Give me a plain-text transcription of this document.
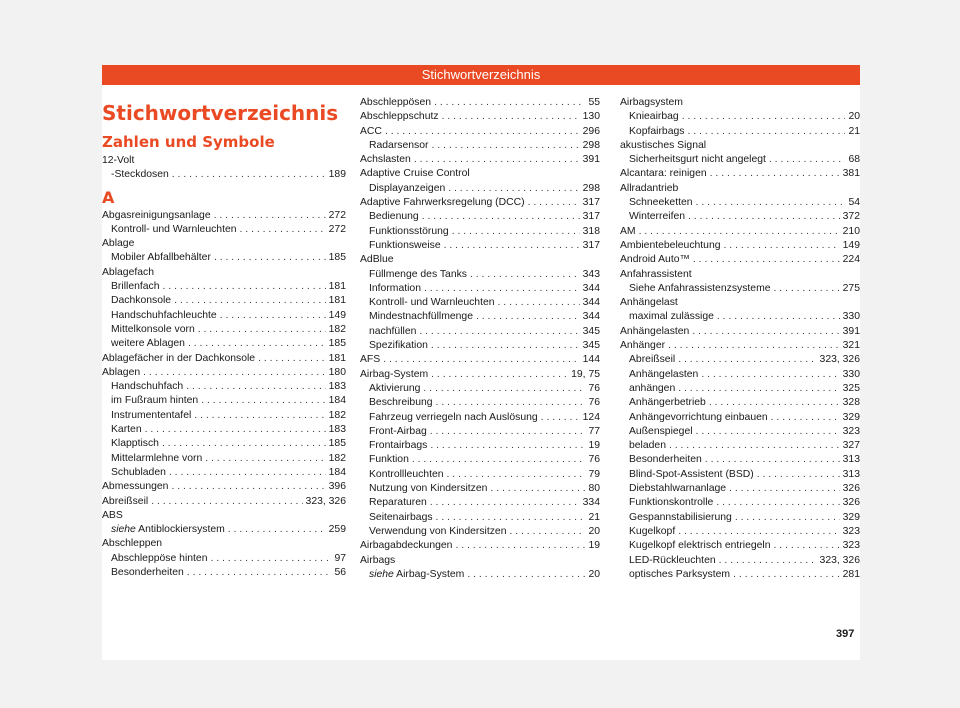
Stichwortverzeichnis
Stichwortverzeichnis
Zahlen und Symbole
12-Volt
-Steckdosen . . .	189
A
Abgasreinigungsanlage . . .	272
Kontroll- und Warnleuchten . . .	272
Ablage
Mobiler Abfallbehälter . . .	185
Ablagefach
Brillenfach . . .	181
Dachkonsole . . .	181
Handschuhfachleuchte . . .	149
Mittelkonsole vorn . . .	182
weitere Ablagen . . .	185
Ablagefächer in der Dachkonsole . . .	181
Ablagen . . .	180
Handschuhfach . . .	183
im Fußraum hinten . . .	184
Instrumententafel . . .	182
Karten . . .	183
Klapptisch . . .	185
Mittelarmlehne vorn . . .	182
Schubladen . . .	184
Abmessungen . . .	396
Abreißseil . . .	323, 326
ABS
siehe Antiblockiersystem . . .	259
Abschleppen
Abschleppöse hinten . . .	97
Besonderheiten . . .	56
Abschleppösen . . .	55
Abschleppschutz . . .	130
ACC . . .	296
Radarsensor . . .	298
Achslasten . . .	391
Adaptive Cruise Control
Displayanzeigen . . .	298
Adaptive Fahrwerksregelung (DCC) . . .	317
Bedienung . . .	317
Funktionsstörung . . .	318
Funktionsweise . . .	317
AdBlue
Füllmenge des Tanks . . .	343
Information . . .	344
Kontroll- und Warnleuchten . . .	344
Mindestnachfüllmenge . . .	344
nachfüllen . . .	345
Spezifikation . . .	345
AFS . . .	144
Airbag-System . . .	19, 75
Aktivierung . . .	76
Beschreibung . . .	76
Fahrzeug verriegeln nach Auslösung . . .	124
Front-Airbag . . .	77
Frontairbags . . .	19
Funktion . . .	76
Kontrollleuchten . . .	79
Nutzung von Kindersitzen . . .	80
Reparaturen . . .	334
Seitenairbags . . .	21
Verwendung von Kindersitzen . . .	20
Airbagabdeckungen . . .	19
Airbags
siehe Airbag-System . . .	20
Airbagsystem
Knieairbag . . .	20
Kopfairbags . . .	21
akustisches Signal
Sicherheitsgurt nicht angelegt . . .	68
Alcantara: reinigen . . .	381
Allradantrieb
Schneeketten . . .	54
Winterreifen . . .	372
AM . . .	210
Ambientebeleuchtung . . .	149
Android Auto™ . . .	224
Anfahrassistent
Siehe Anfahrassistenzsysteme . . .	275
Anhängelast
maximal zulässige . . .	330
Anhängelasten . . .	391
Anhänger . . .	321
Abreißseil . . .	323, 326
Anhängelasten . . .	330
anhängen . . .	325
Anhängerbetrieb . . .	328
Anhängevorrichtung einbauen . . .	329
Außenspiegel . . .	323
beladen . . .	327
Besonderheiten . . .	313
Blind-Spot-Assistent (BSD) . . .	313
Diebstahlwarnanlage . . .	326
Funktionskontrolle . . .	326
Gespannstabilisierung . . .	329
Kugelkopf . . .	323
Kugelkopf elektrisch entriegeln . . .	323
LED-Rückleuchten . . .	323, 326
optisches Parksystem . . .	281
397
